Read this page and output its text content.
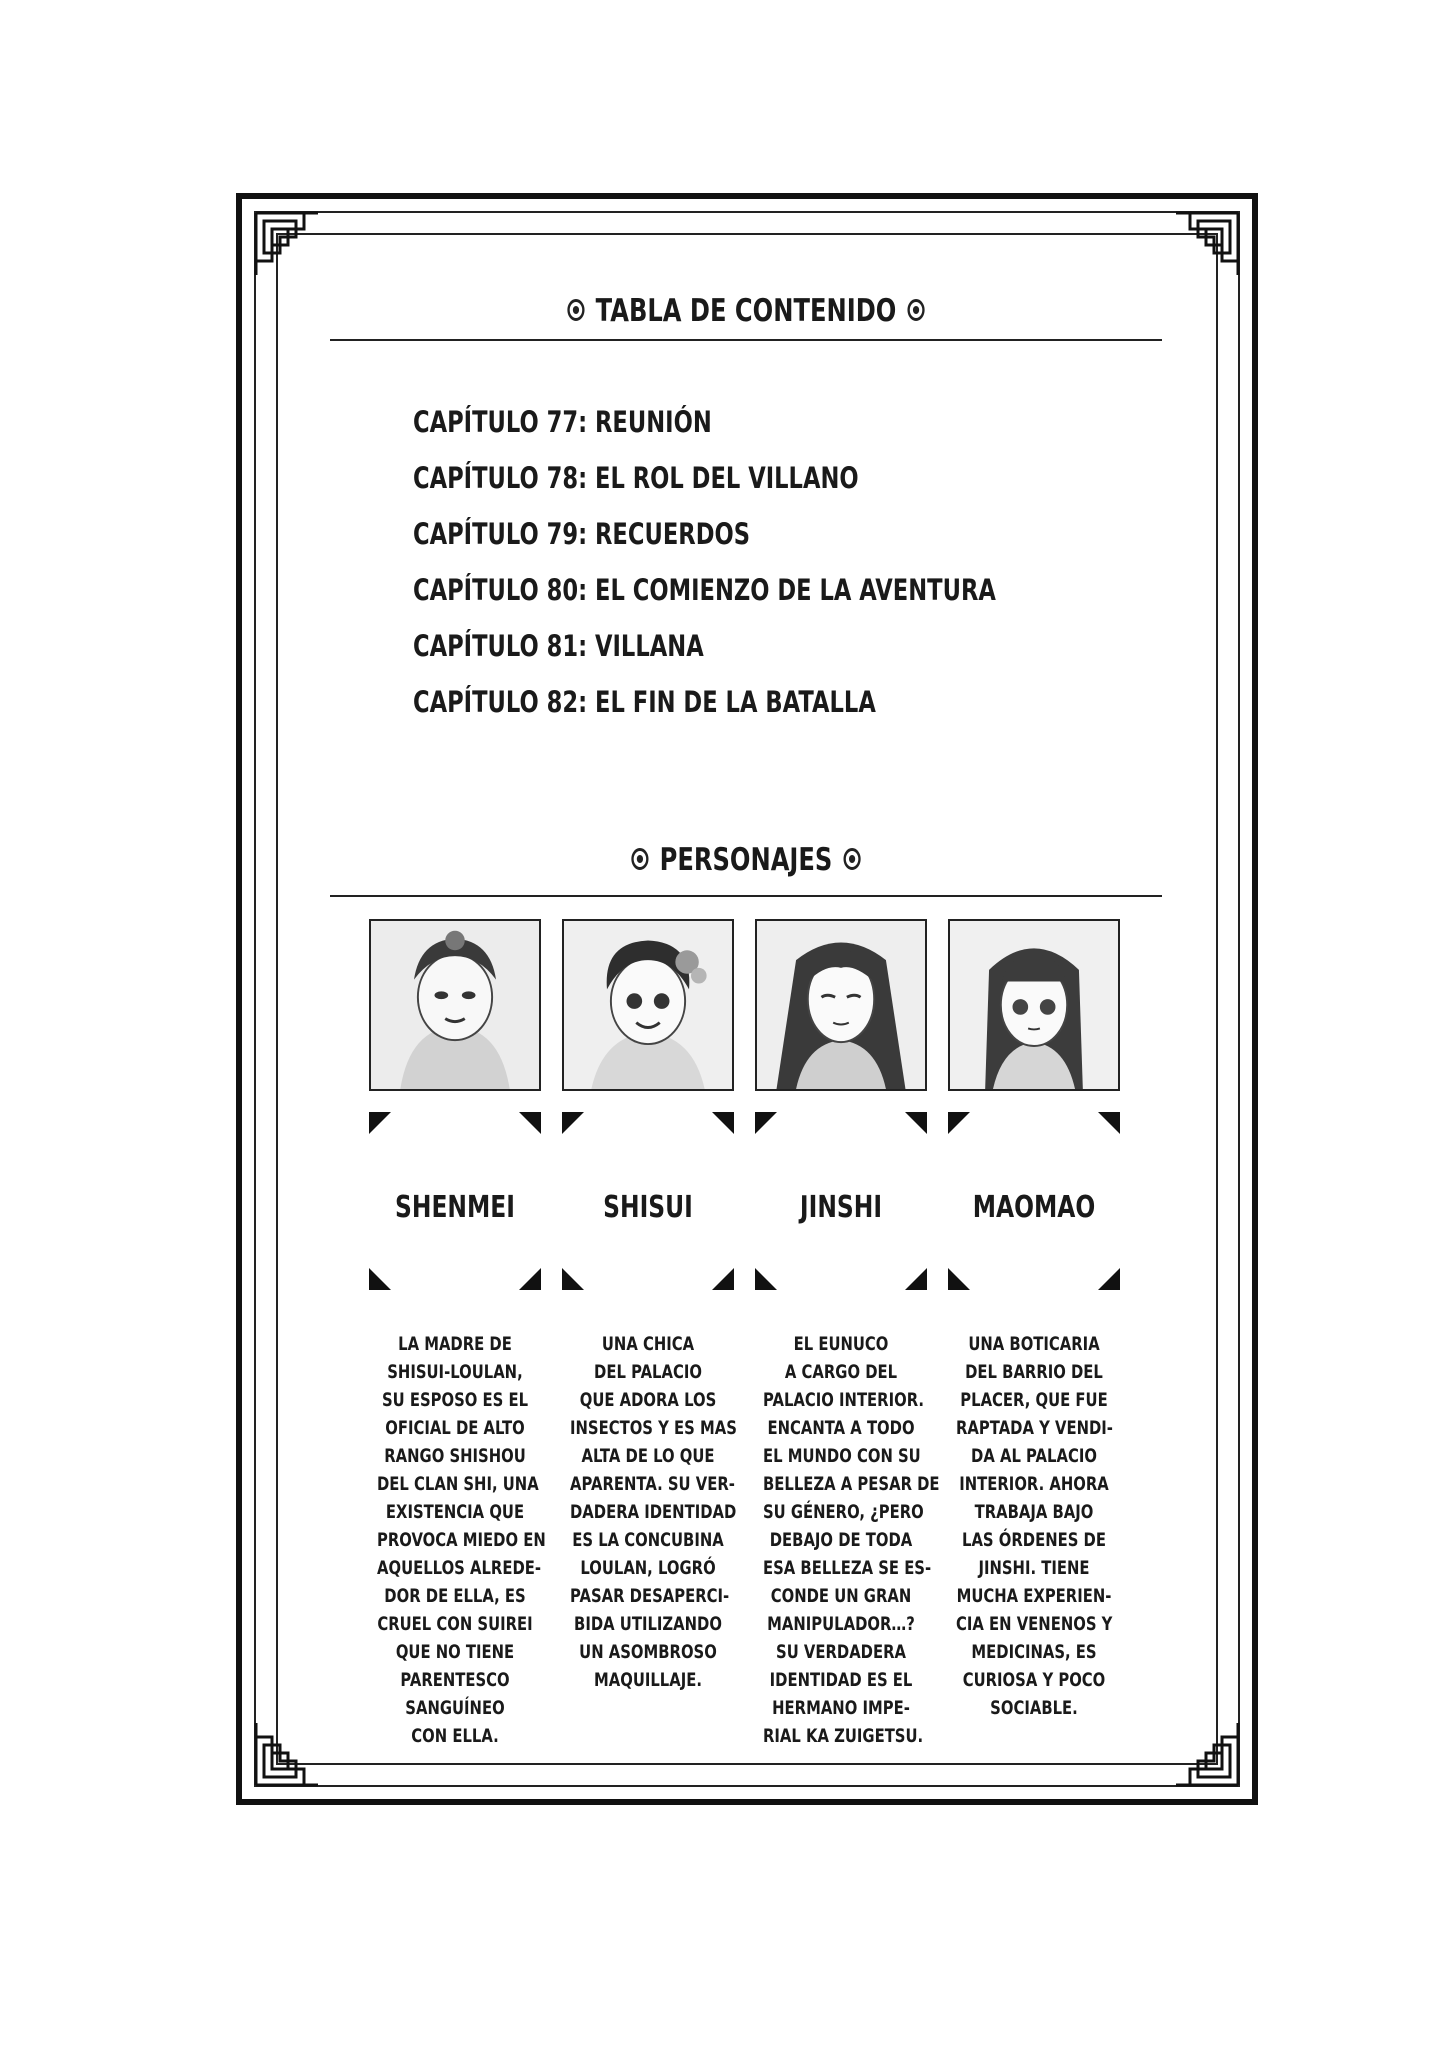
TABLA DE CONTENIDO
CAPÍTULO 77: REUNIÓN
CAPÍTULO 78: EL ROL DEL VILLANO
CAPÍTULO 79: RECUERDOS
CAPÍTULO 80: EL COMIENZO DE LA AVENTURA
CAPÍTULO 81: VILLANA
CAPÍTULO 82: EL FIN DE LA BATALLA
PERSONAJES
SHENMEI	SHISUI	JINSHI	MAOMAO
LA MADRE DE
SHISUI-LOULAN,
SU ESPOSO ES EL
OFICIAL DE ALTO
RANGO SHISHOU
DEL CLAN SHI, UNA
EXISTENCIA QUE
PROVOCA MIEDO EN
AQUELLOS ALREDE-
DOR DE ELLA, ES
CRUEL CON SUIREI
QUE NO TIENE
PARENTESCO
SANGUÍNEO
CON ELLA.
UNA CHICA
DEL PALACIO
QUE ADORA LOS
INSECTOS Y ES MAS
ALTA DE LO QUE
APARENTA. SU VER-
DADERA IDENTIDAD
ES LA CONCUBINA
LOULAN, LOGRÓ
PASAR DESAPERCI-
BIDA UTILIZANDO
UN ASOMBROSO
MAQUILLAJE.
EL EUNUCO
A CARGO DEL
PALACIO INTERIOR.
ENCANTA A TODO
EL MUNDO CON SU
BELLEZA A PESAR DE
SU GÉNERO, ¿PERO
DEBAJO DE TODA
ESA BELLEZA SE ES-
CONDE UN GRAN
MANIPULADOR…?
SU VERDADERA
IDENTIDAD ES EL
HERMANO IMPE-
RIAL KA ZUIGETSU.
UNA BOTICARIA
DEL BARRIO DEL
PLACER, QUE FUE
RAPTADA Y VENDI-
DA AL PALACIO
INTERIOR. AHORA
TRABAJA BAJO
LAS ÓRDENES DE
JINSHI. TIENE
MUCHA EXPERIEN-
CIA EN VENENOS Y
MEDICINAS, ES
CURIOSA Y POCO
SOCIABLE.
